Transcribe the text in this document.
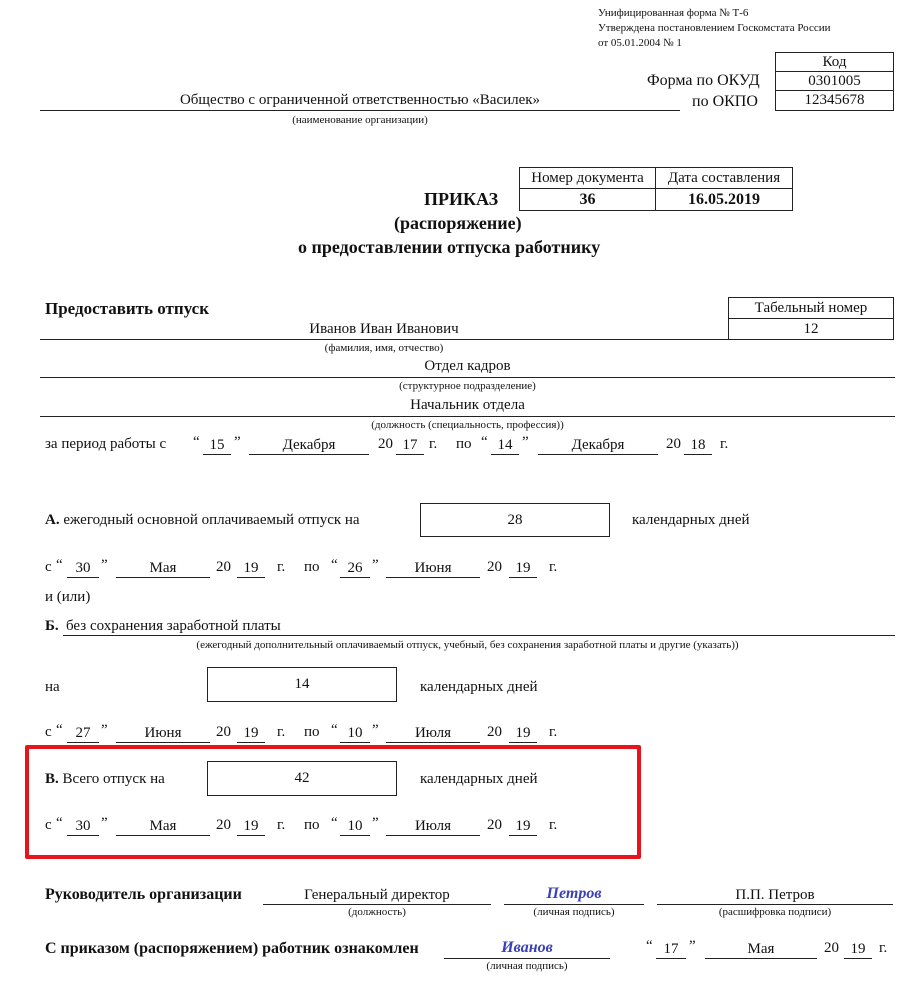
Унифицированная форма № Т-6
Утверждена постановлением Госкомстата России
от 05.01.2004 № 1
Код
Форма по ОКУД	0301005
по ОКПО	12345678
Общество с ограниченной ответственностью «Василек»
(наименование организации)
Номер документа	Дата составления
36	16.05.2019
ПРИКАЗ
(распоряжение)
о предоставлении отпуска работнику
Предоставить отпуск	Табельный номер
12
Иванов Иван Иванович
(фамилия, имя, отчество)
Отдел кадров
(структурное подразделение)
Начальник отдела
(должность (специальность, профессия))
за период работы с “ 15 ”	Декабря	20 17 г. по “ 14 ”	Декабря	20 18 г.
А. ежегодный основной оплачиваемый отпуск на	28	календарных дней
с “ 30 ”	Мая	20 19	г. по “ 26 ”	Июня	20 19	г.
и (или)
Б. без сохранения заработной платы
(ежегодный дополнительный оплачиваемый отпуск, учебный, без сохранения заработной платы и другие (указать))
на	14	календарных дней
с “ 27 ”	Июня	20 19	г. по “ 10 ”	Июля	20 19	г.
В. Всего отпуск на	42	календарных дней
с “ 30 ”	Мая	20 19	г. по “ 10 ”	Июля	20 19	г.
Руководитель организации	Генеральный директор
(должность)
Петров
(личная подпись)
П.П. Петров
(расшифровка подписи)
С приказом (распоряжением) работник ознакомлен	Иванов
(личная подпись)
“ 17 ”	Мая	20 19 г.
